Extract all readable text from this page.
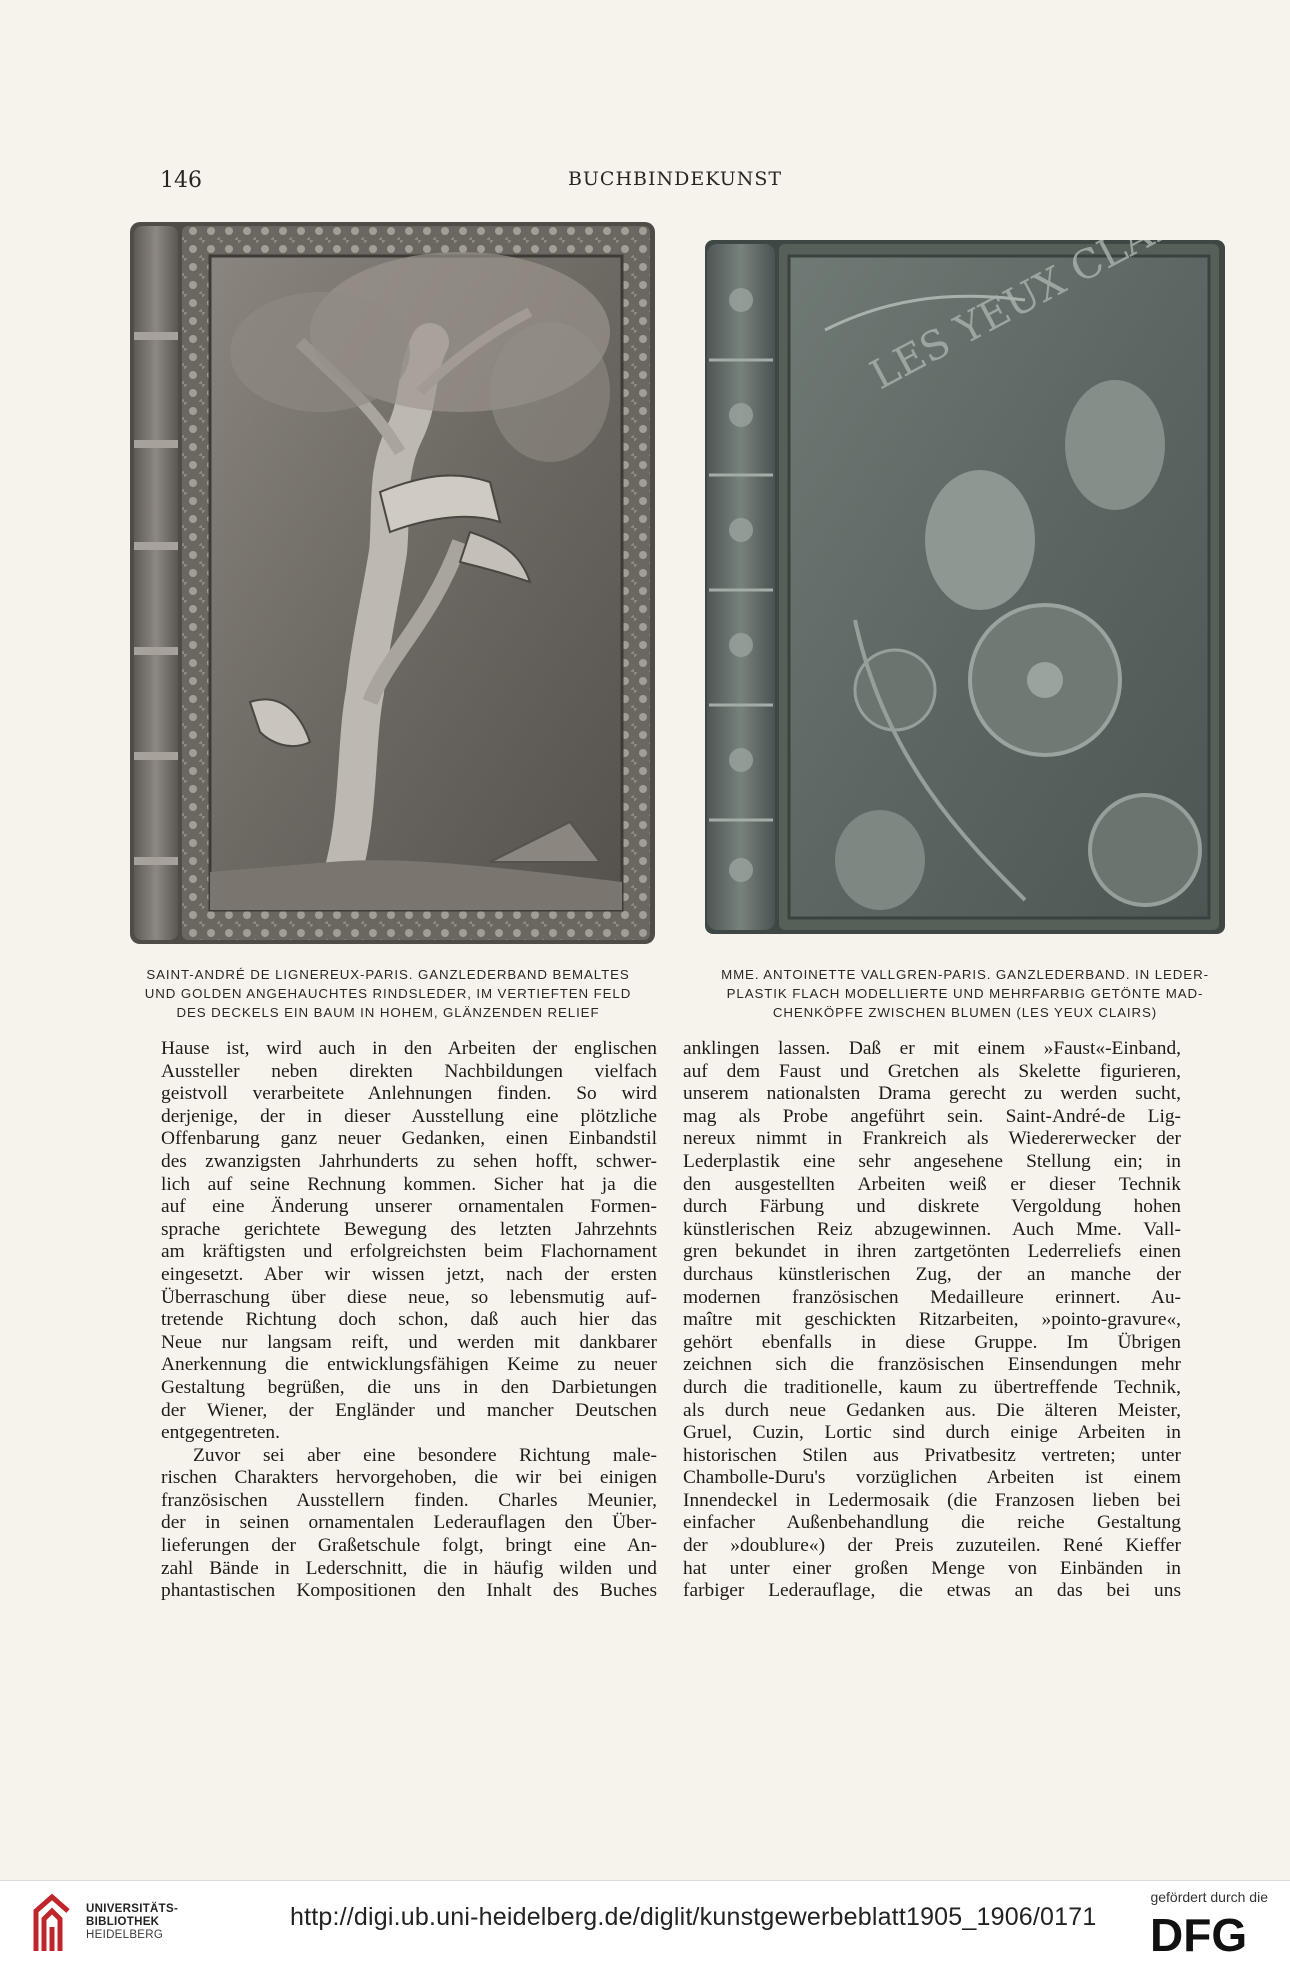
146	BUCHBINDEKUNST
LES YEUX
SAINT-ANDRÉ DE LIGNEREUX-PARIS. GANZLEDERBAND BEMALTES
UND GOLDEN ANGEHAUCHTES RINDSLEDER, IM VERTIEFTEN FELD
DES DECKELS EIN BAUM IN HOHEM, GLÄNZENDEN RELIEF
MME. ANTOINETTE VALLGREN-PARIS. GANZLEDERBAND. IN LEDER-
PLASTIK FLACH MODELLIERTE UND MEHRFARBIG GETÖNTE MAD-
CHENKÖPFE ZWISCHEN BLUMEN (LES YEUX CLAIRS)
Hause ist, wird auch in den Arbeiten der englischen
Aussteller neben direkten Nachbildungen vielfach
geistvoll verarbeitete Anlehnungen finden. So wird
derjenige, der in dieser Ausstellung eine plötzliche
Offenbarung ganz neuer Gedanken, einen Einbandstil
des zwanzigsten Jahrhunderts zu sehen hofft, schwer-
lich auf seine Rechnung kommen. Sicher hat ja die
auf eine Änderung unserer ornamentalen Formen-
sprache gerichtete Bewegung des letzten Jahrzehnts
am kräftigsten und erfolgreichsten beim Flachornament
eingesetzt. Aber wir wissen jetzt, nach der ersten
Überraschung über diese neue, so lebensmutig auf-
tretende Richtung doch schon, daß auch hier das
Neue nur langsam reift, und werden mit dankbarer
Anerkennung die entwicklungsfähigen Keime zu neuer
Gestaltung begrüßen, die uns in den Darbietungen
der Wiener, der Engländer und mancher Deutschen
entgegentreten.
Zuvor sei aber eine besondere Richtung male-
rischen Charakters hervorgehoben, die wir bei einigen
französischen Ausstellern finden. Charles Meunier,
der in seinen ornamentalen Lederauflagen den Über-
lieferungen der Graßetschule folgt, bringt eine An-
zahl Bände in Lederschnitt, die in häufig wilden und
phantastischen Kompositionen den Inhalt des Buches
anklingen lassen. Daß er mit einem »Faust«-Einband,
auf dem Faust und Gretchen als Skelette figurieren,
unserem nationalsten Drama gerecht zu werden sucht,
mag als Probe angeführt sein. Saint-André-de Lig-
nereux nimmt in Frankreich als Wiedererwecker der
Lederplastik eine sehr angesehene Stellung ein; in
den ausgestellten Arbeiten weiß er dieser Technik
durch Färbung und diskrete Vergoldung hohen
künstlerischen Reiz abzugewinnen. Auch Mme. Vall-
gren bekundet in ihren zartgetönten Lederreliefs einen
durchaus künstlerischen Zug, der an manche der
modernen französischen Medailleure erinnert. Au-
maître mit geschickten Ritzarbeiten, »pointo-gravure«,
gehört ebenfalls in diese Gruppe. Im Übrigen
zeichnen sich die französischen Einsendungen mehr
durch die traditionelle, kaum zu übertreffende Technik,
als durch neue Gedanken aus. Die älteren Meister,
Gruel, Cuzin, Lortic sind durch einige Arbeiten in
historischen Stilen aus Privatbesitz vertreten; unter
Chambolle-Duru's vorzüglichen Arbeiten ist einem
Innendeckel in Ledermosaik (die Franzosen lieben bei
einfacher Außenbehandlung die reiche Gestaltung
der »doublure«) der Preis zuzuteilen. René Kieffer
hat unter einer großen Menge von Einbänden in
farbiger Lederauflage, die etwas an das bei uns
UNIVERSITÄTS-
BIBLIOTHEK
HEIDELBERG
http://digi.ub.uni-heidelberg.de/diglit/kunstgewerbeblatt1905_1906/0171
gefördert durch die
DFG
